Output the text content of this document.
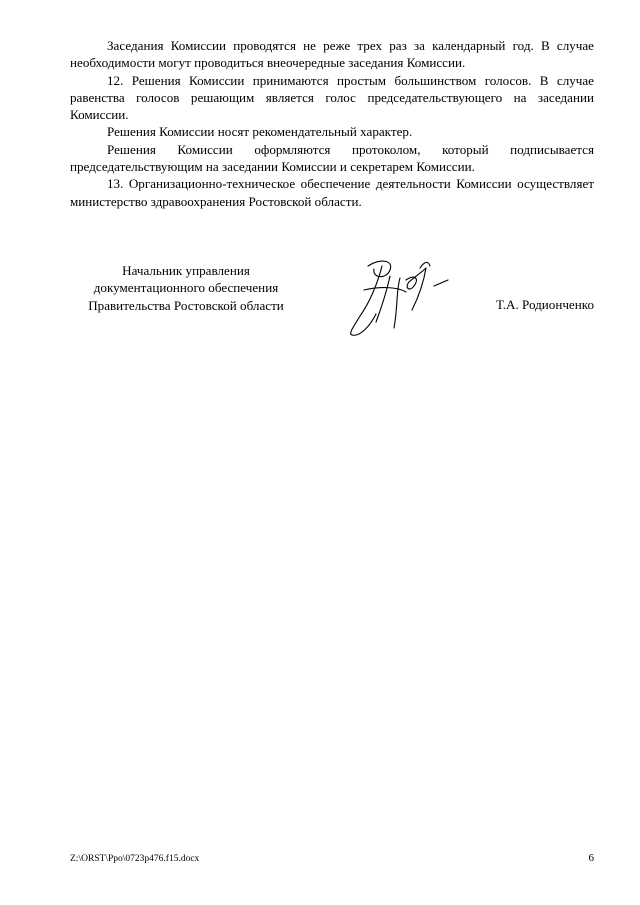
Заседания Комиссии проводятся не реже трех раз за календарный год. В случае необходимости могут проводиться внеочередные заседания Комиссии.

12. Решения Комиссии принимаются простым большинством голосов. В случае равенства голосов решающим является голос председательствующего на заседании Комиссии.

Решения Комиссии носят рекомендательный характер.

Решения Комиссии оформляются протоколом, который подписывается председательствующим на заседании Комиссии и секретарем Комиссии.

13. Организационно-техническое обеспечение деятельности Комиссии осуществляет министерство здравоохранения Ростовской области.

Начальник управления
документационного обеспечения
Правительства Ростовской области	Т.А. Родионченко
Z:\ORST\Ppo\0723p476.f15.docx	6
